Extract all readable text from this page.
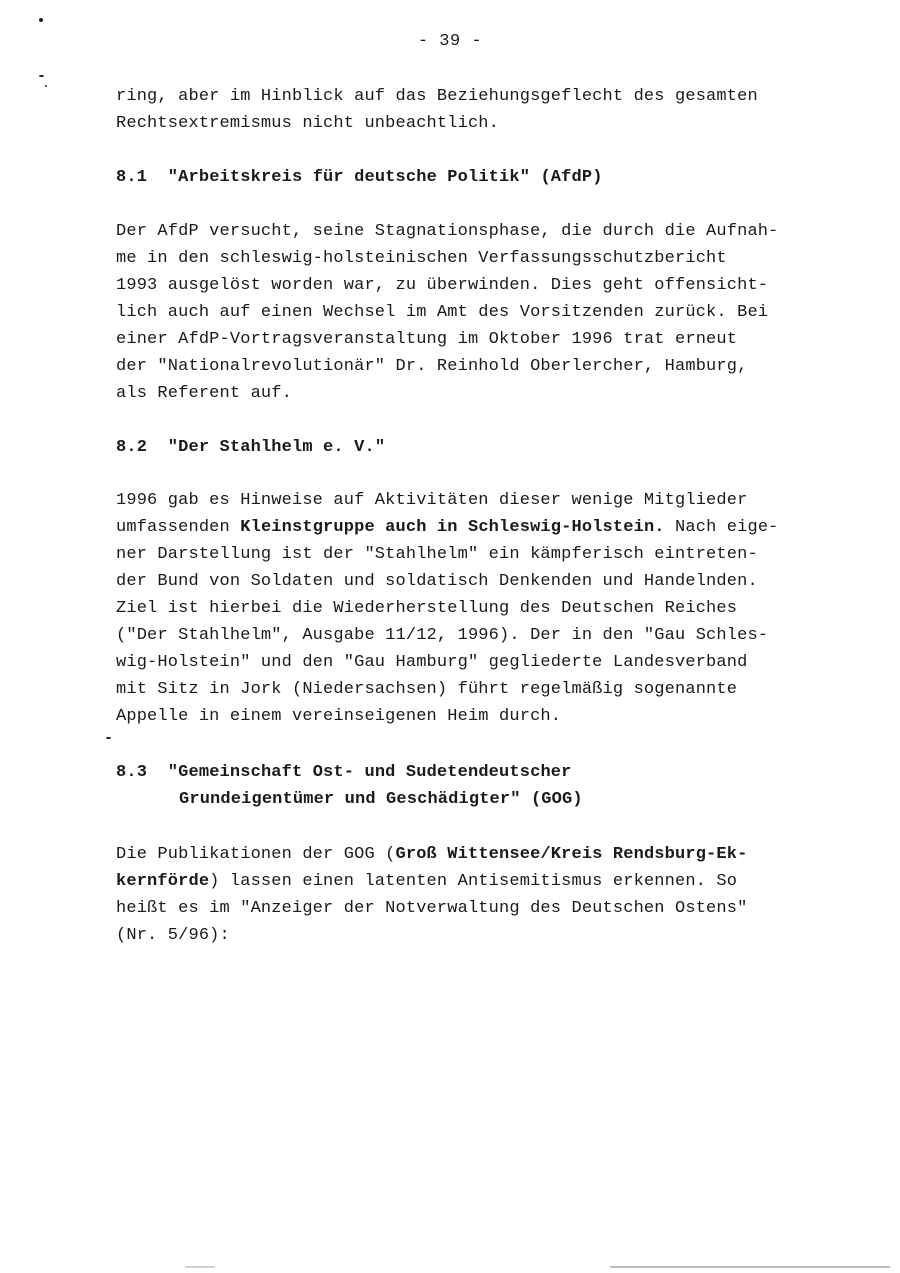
- 39 -
ring, aber im Hinblick auf das Beziehungsgeflecht des gesamten
Rechtsextremismus nicht unbeachtlich.
8.1 "Arbeitskreis für deutsche Politik" (AfdP)
Der AfdP versucht, seine Stagnationsphase, die durch die Aufnah-
me in den schleswig-holsteinischen Verfassungsschutzbericht
1993 ausgelöst worden war, zu überwinden. Dies geht offensicht-
lich auch auf einen Wechsel im Amt des Vorsitzenden zurück. Bei
einer AfdP-Vortragsveranstaltung im Oktober 1996 trat erneut
der "Nationalrevolutionär" Dr. Reinhold Oberlercher, Hamburg,
als Referent auf.
8.2 "Der Stahlhelm e. V."
1996 gab es Hinweise auf Aktivitäten dieser wenige Mitglieder
umfassenden Kleinstgruppe auch in Schleswig-Holstein. Nach eige-
ner Darstellung ist der "Stahlhelm" ein kämpferisch eintreten-
der Bund von Soldaten und soldatisch Denkenden und Handelnden.
Ziel ist hierbei die Wiederherstellung des Deutschen Reiches
("Der Stahlhelm", Ausgabe 11/12, 1996). Der in den "Gau Schles-
wig-Holstein" und den "Gau Hamburg" gegliederte Landesverband
mit Sitz in Jork (Niedersachsen) führt regelmäßig sogenannte
Appelle in einem vereinseigenen Heim durch.
8.3 "Gemeinschaft Ost- und Sudetendeutscher
Grundeigentümer und Geschädigter" (GOG)
Die Publikationen der GOG (Groß Wittensee/Kreis Rendsburg-Ek-
kernförde) lassen einen latenten Antisemitismus erkennen. So
heißt es im "Anzeiger der Notverwaltung des Deutschen Ostens"
(Nr. 5/96):
